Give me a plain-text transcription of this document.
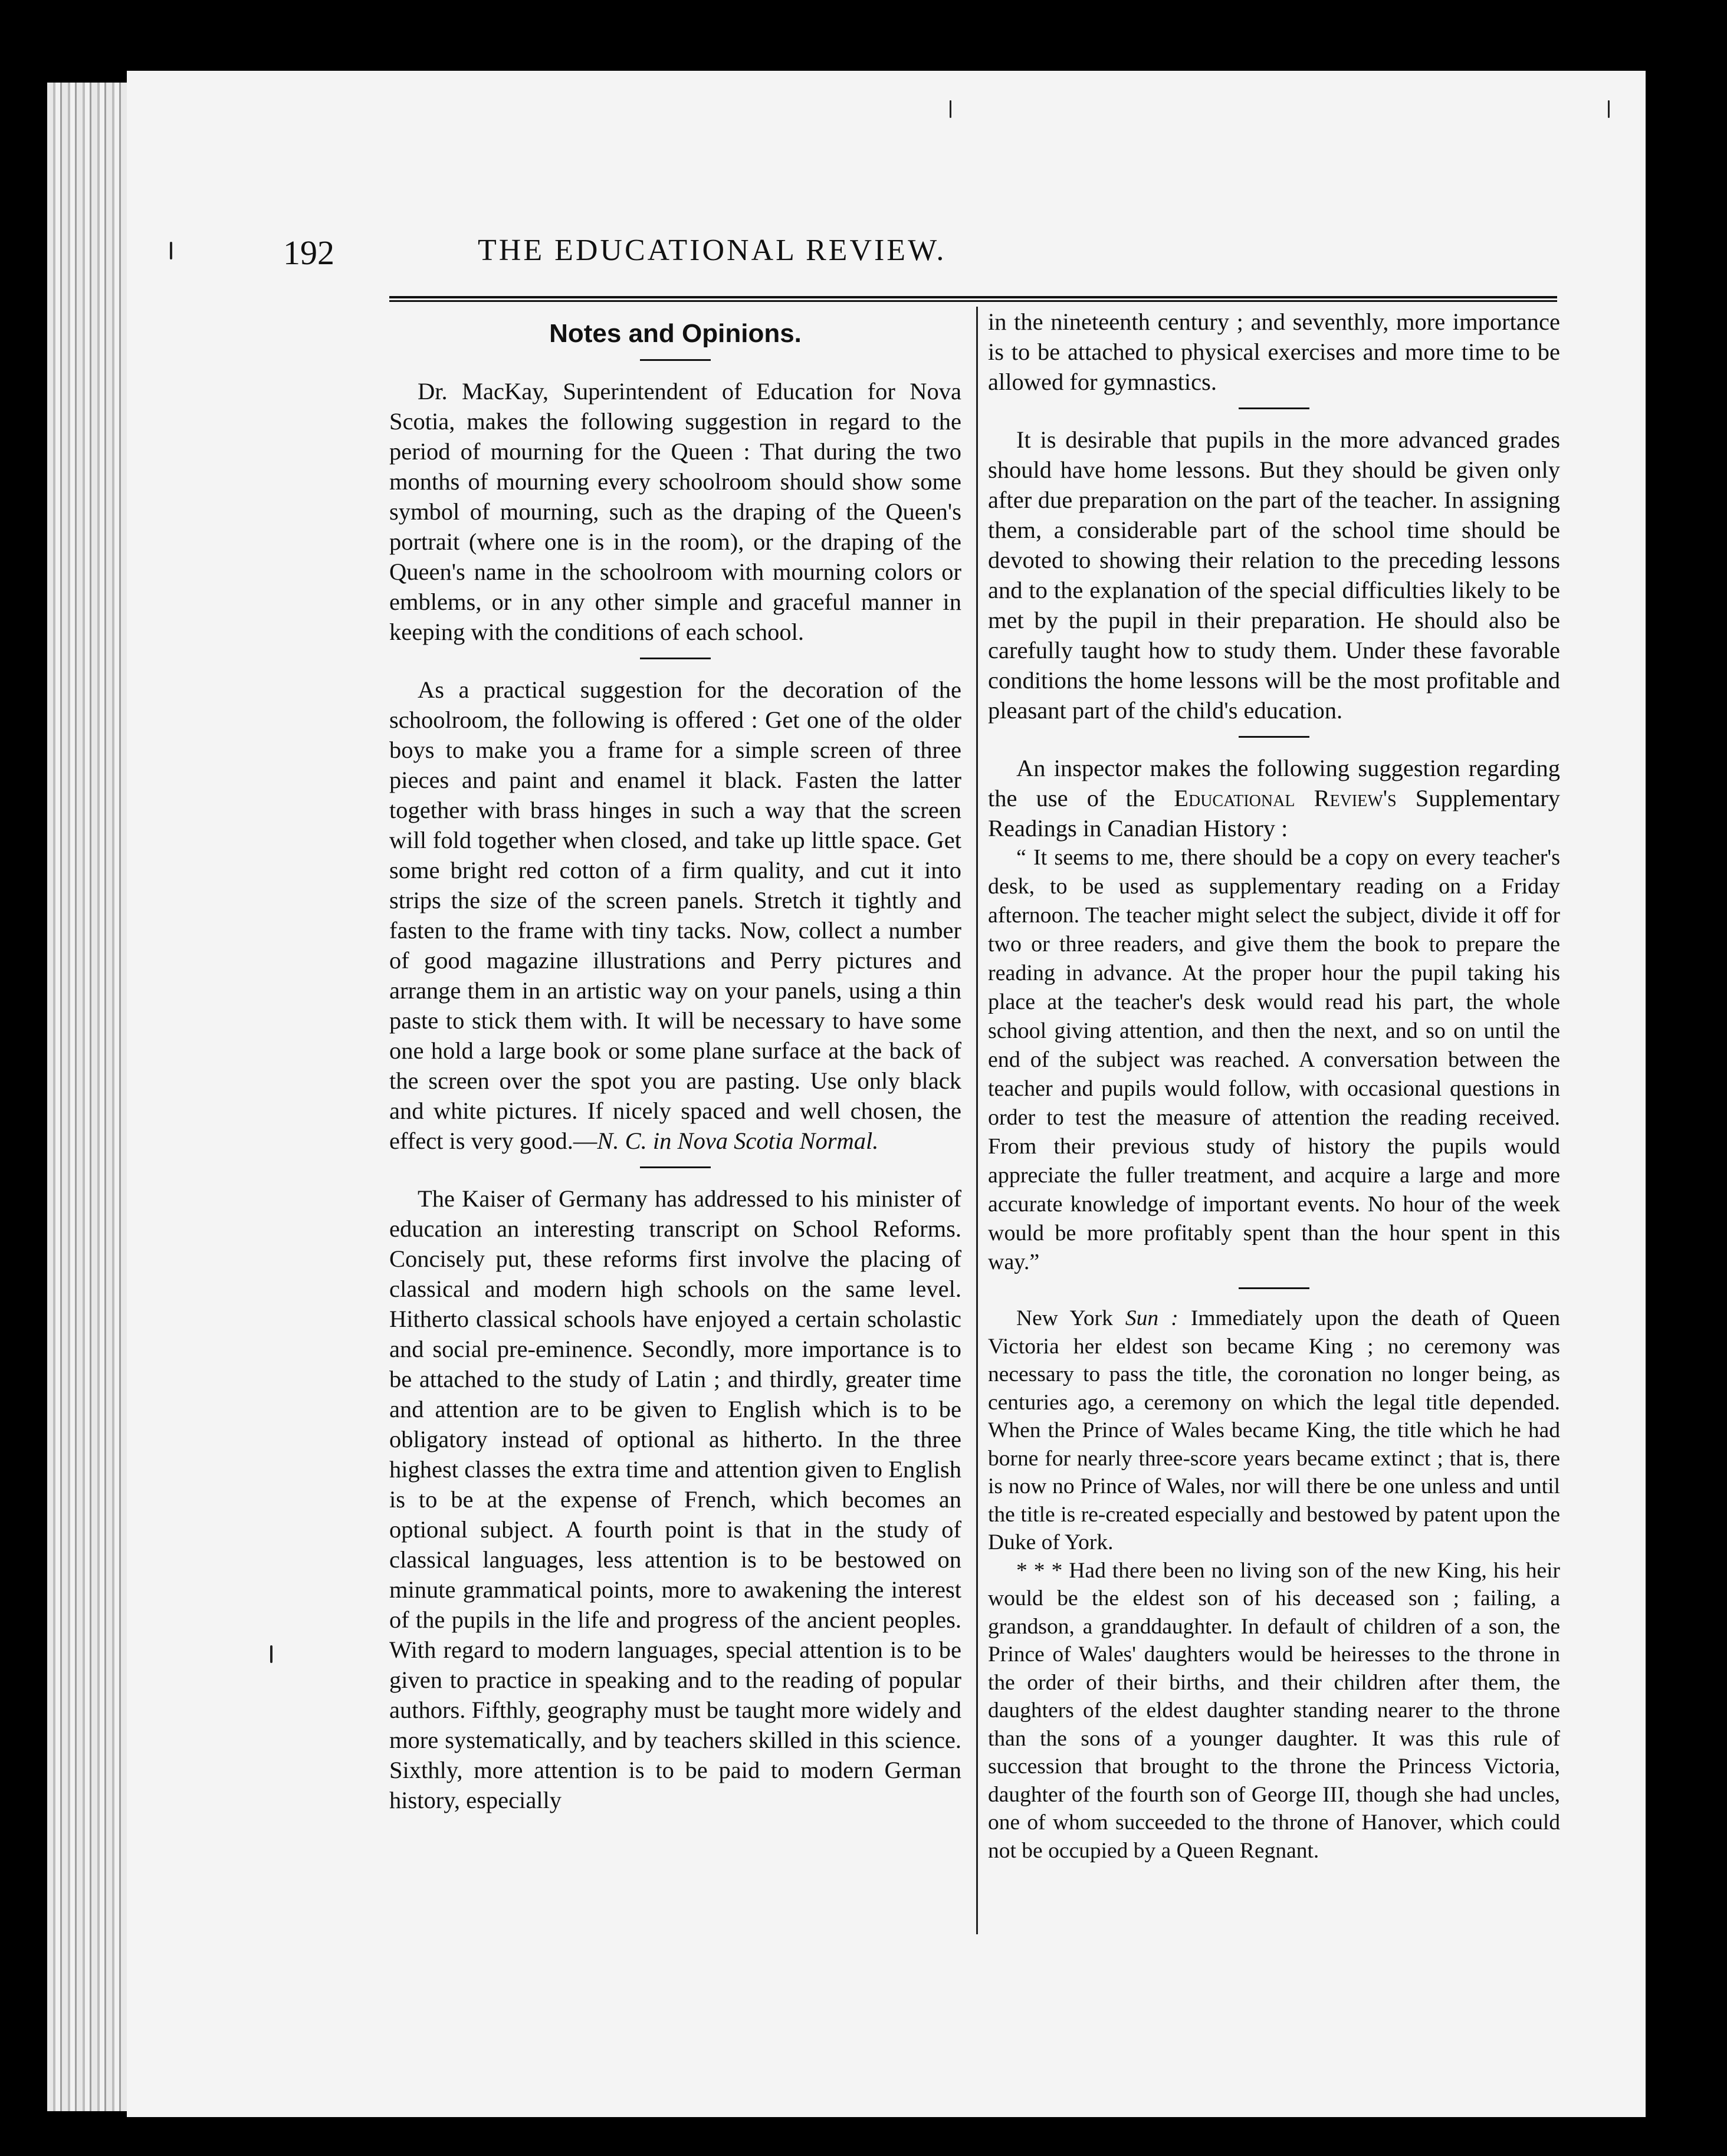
192	THE EDUCATIONAL REVIEW.
Notes and Opinions.

Dr. MacKay, Superintendent of Education for Nova Scotia, makes the following suggestion in regard to the period of mourning for the Queen : That during the two months of mourning every schoolroom should show some symbol of mourning, such as the draping of the Queen's portrait (where one is in the room), or the draping of the Queen's name in the schoolroom with mourning colors or emblems, or in any other simple and graceful manner in keeping with the conditions of each school.

As a practical suggestion for the decoration of the schoolroom, the following is offered : Get one of the older boys to make you a frame for a simple screen of three pieces and paint and enamel it black. Fasten the latter together with brass hinges in such a way that the screen will fold together when closed, and take up little space. Get some bright red cotton of a firm quality, and cut it into strips the size of the screen panels. Stretch it tightly and fasten to the frame with tiny tacks. Now, collect a number of good magazine illustrations and Perry pictures and arrange them in an artistic way on your panels, using a thin paste to stick them with. It will be necessary to have some one hold a large book or some plane surface at the back of the screen over the spot you are pasting. Use only black and white pictures. If nicely spaced and well chosen, the effect is very good.—N. C. in Nova Scotia Normal.

The Kaiser of Germany has addressed to his minister of education an interesting transcript on School Reforms. Concisely put, these reforms first involve the placing of classical and modern high schools on the same level. Hitherto classical schools have enjoyed a certain scholastic and social pre-eminence. Secondly, more importance is to be attached to the study of Latin ; and thirdly, greater time and attention are to be given to English which is to be obligatory instead of optional as hitherto. In the three highest classes the extra time and attention given to English is to be at the expense of French, which becomes an optional subject. A fourth point is that in the study of classical languages, less attention is to be bestowed on minute grammatical points, more to awakening the interest of the pupils in the life and progress of the ancient peoples. With regard to modern languages, special attention is to be given to practice in speaking and to the reading of popular authors. Fifthly, geography must be taught more widely and more systematically, and by teachers skilled in this science. Sixthly, more attention is to be paid to modern German history, especially

in the nineteenth century ; and seventhly, more importance is to be attached to physical exercises and more time to be allowed for gymnastics.

It is desirable that pupils in the more advanced grades should have home lessons. But they should be given only after due preparation on the part of the teacher. In assigning them, a considerable part of the school time should be devoted to showing their relation to the preceding lessons and to the explanation of the special difficulties likely to be met by the pupil in their preparation. He should also be carefully taught how to study them. Under these favorable conditions the home lessons will be the most profitable and pleasant part of the child's education.

An inspector makes the following suggestion regarding the use of the Educational Review's Supplementary Readings in Canadian History :

“ It seems to me, there should be a copy on every teacher's desk, to be used as supplementary reading on a Friday afternoon. The teacher might select the subject, divide it off for two or three readers, and give them the book to prepare the reading in advance. At the proper hour the pupil taking his place at the teacher's desk would read his part, the whole school giving attention, and then the next, and so on until the end of the subject was reached. A conversation between the teacher and pupils would follow, with occasional questions in order to test the measure of attention the reading received. From their previous study of history the pupils would appreciate the fuller treatment, and acquire a large and more accurate knowledge of important events. No hour of the week would be more profitably spent than the hour spent in this way.”

New York Sun : Immediately upon the death of Queen Victoria her eldest son became King ; no ceremony was necessary to pass the title, the coronation no longer being, as centuries ago, a ceremony on which the legal title depended. When the Prince of Wales became King, the title which he had borne for nearly three-score years became extinct ; that is, there is now no Prince of Wales, nor will there be one unless and until the title is re-created especially and bestowed by patent upon the Duke of York.

* * * Had there been no living son of the new King, his heir would be the eldest son of his deceased son ; failing, a grandson, a granddaughter. In default of children of a son, the Prince of Wales' daughters would be heiresses to the throne in the order of their births, and their children after them, the daughters of the eldest daughter standing nearer to the throne than the sons of a younger daughter. It was this rule of succession that brought to the throne the Princess Victoria, daughter of the fourth son of George III, though she had uncles, one of whom succeeded to the throne of Hanover, which could not be occupied by a Queen Regnant.
